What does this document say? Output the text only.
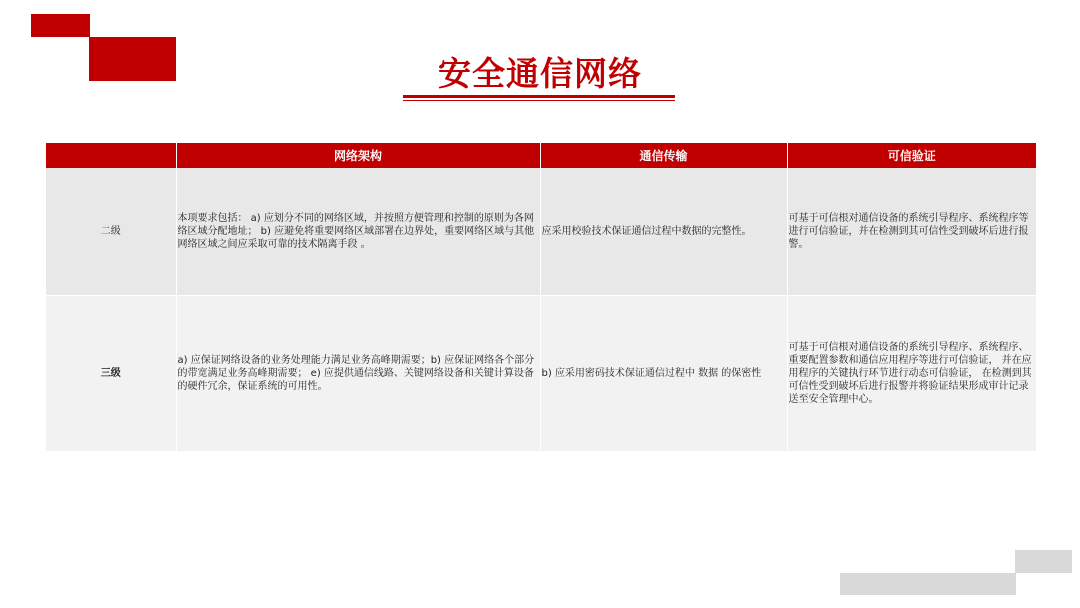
安全通信网络
	网络架构	通信传输	可信验证
二级	本项要求包括： a) 应划分不同的网络区域，并按照方便管理和控制的原则为各网络区域分配地址； b) 应避免将重要网络区域部署在边界处，重要网络区域与其他网络区域之间应采取可靠的技术隔离手段 。	应采用校验技术保证通信过程中数据的完整性。	可基于可信根对通信设备的系统引导程序、系统程序等进行可信验证，并在检测到其可信性受到破坏后进行报警。
三级	a) 应保证网络设备的业务处理能力满足业务高峰期需要；b) 应保证网络各个部分的带宽满足业务高峰期需要； e) 应提供通信线路、关键网络设备和关键计算设备的硬件冗余，保证系统的可用性。	b) 应采用密码技术保证通信过程中 数据 的保密性	可基于可信根对通信设备的系统引导程序、系统程序、重要配置参数和通信应用程序等进行可信验证， 并在应用程序的关键执行环节进行动态可信验证， 在检测到其可信性受到破坏后进行报警并将验证结果形成审计记录送至安全管理中心。
